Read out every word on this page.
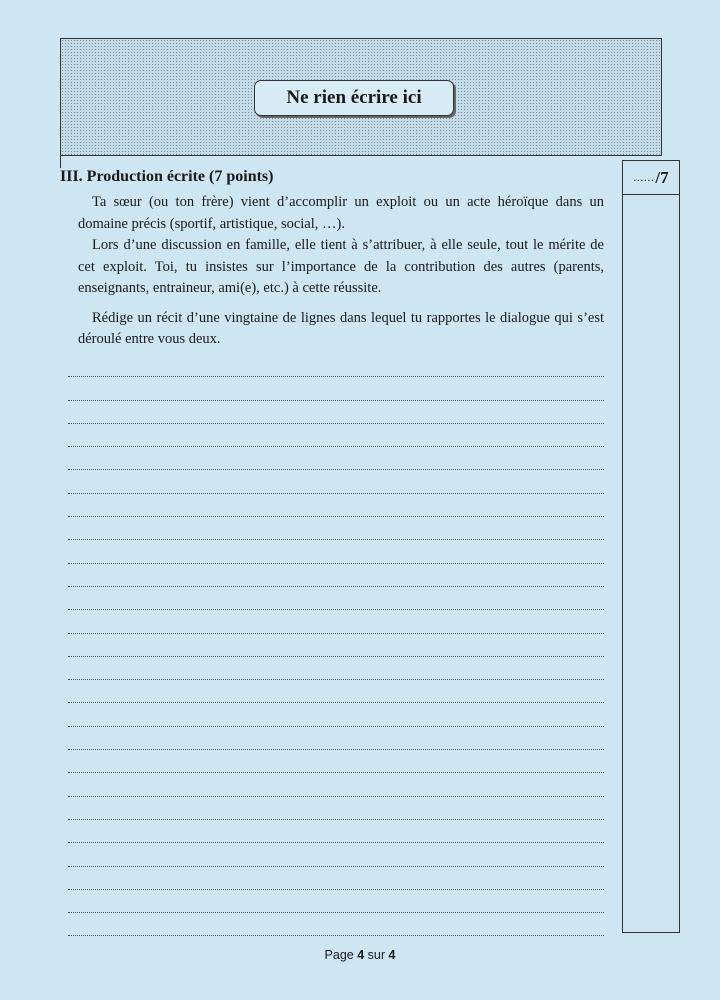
Ne rien écrire ici
III. Production écrite (7 points)

Ta sœur (ou ton frère) vient d’accomplir un exploit ou un acte héroïque dans un domaine précis (sportif, artistique, social, …).

Lors d’une discussion en famille, elle tient à s’attribuer, à elle seule, tout le mérite de cet exploit. Toi, tu insistes sur l’importance de la contribution des autres (parents, enseignants, entraineur, ami(e), etc.) à cette réussite.

Rédige un récit d’une vingtaine de lignes dans lequel tu rapportes le dialogue qui s’est déroulé entre vous deux.

...... /7
Page 4 sur 4
